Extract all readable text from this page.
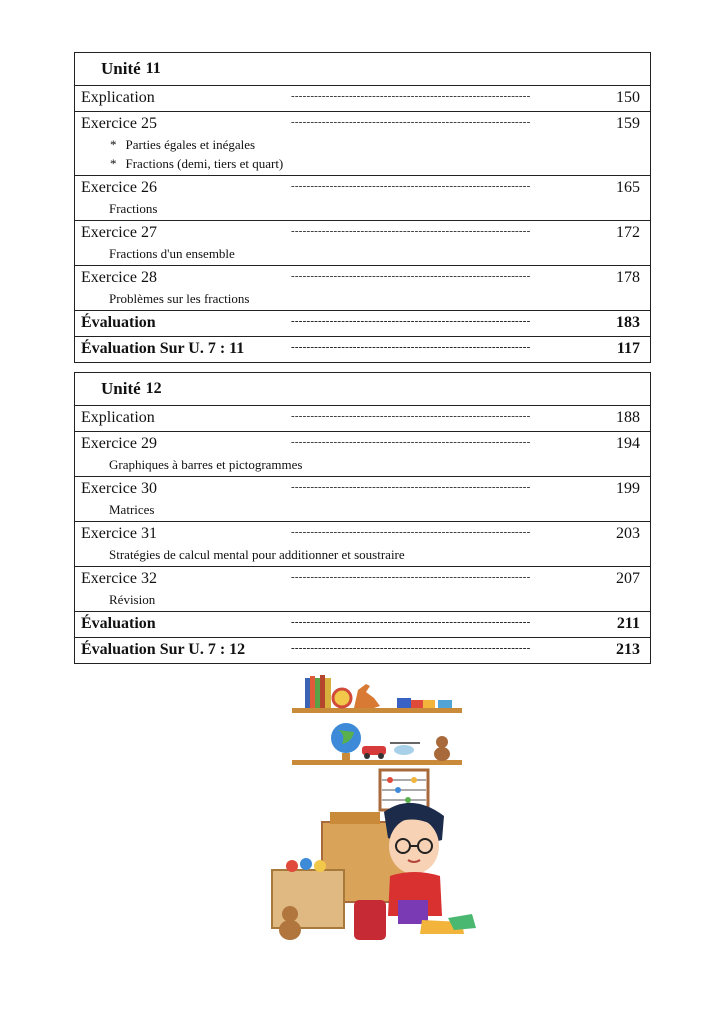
Unité 11
Explication	--------------------------------------------------------------	150
Exercice 25	--------------------------------------------------------------	159
* Parties égales et inégales
* Fractions (demi, tiers et quart)
Exercice 26	--------------------------------------------------------------	165
Fractions
Exercice 27	--------------------------------------------------------------	172
Fractions d'un ensemble
Exercice 28	--------------------------------------------------------------	178
Problèmes sur les fractions
Évaluation	--------------------------------------------------------------	183
Évaluation Sur U. 7 : 11	--------------------------------------------------------------	117
Unité 12
Explication	--------------------------------------------------------------	188
Exercice 29	--------------------------------------------------------------	194
Graphiques à barres et pictogrammes
Exercice 30	--------------------------------------------------------------	199
Matrices
Exercice 31	--------------------------------------------------------------	203
Stratégies de calcul mental pour additionner et soustraire
Exercice 32	--------------------------------------------------------------	207
Révision
Évaluation	--------------------------------------------------------------	211
Évaluation Sur U. 7 : 12	--------------------------------------------------------------	213
